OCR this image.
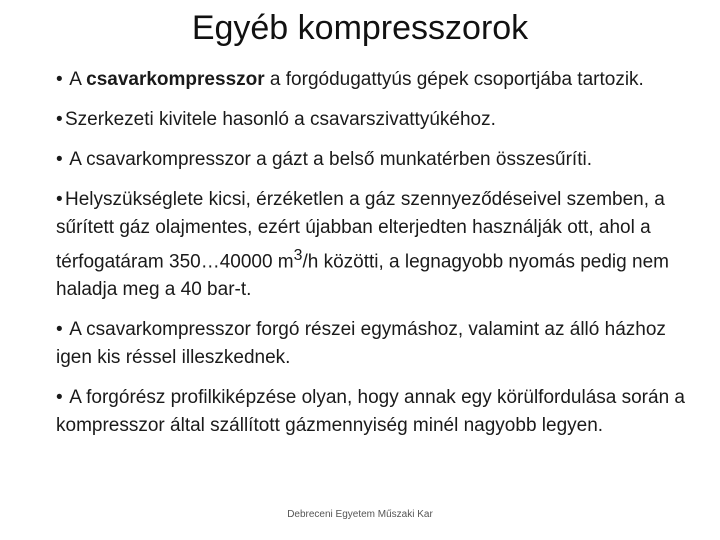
Egyéb kompresszorok
• A csavarkompresszor a forgódugattyús gépek csoportjába tartozik.
• Szerkezeti kivitele hasonló a csavarszivattyúkéhoz.
• A csavarkompresszor a gázt a belső munkatérben összesűríti.
• Helyszükséglete kicsi, érzéketlen a gáz szennyeződéseivel szemben, a sűrített gáz olajmentes, ezért újabban elterjedten használják ott, ahol a térfogatáram 350…40000 $m^3/h$ közötti, a legnagyobb nyomás pedig nem haladja meg a 40 bar-t.
• A csavarkompresszor forgó részei egymáshoz, valamint az álló házhoz igen kis réssel illeszkednek.
• A forgórész profilkiképzése olyan, hogy annak egy körülfordulása során a kompresszor által szállított gázmennyiség minél nagyobb legyen.
Debreceni Egyetem Műszaki Kar
